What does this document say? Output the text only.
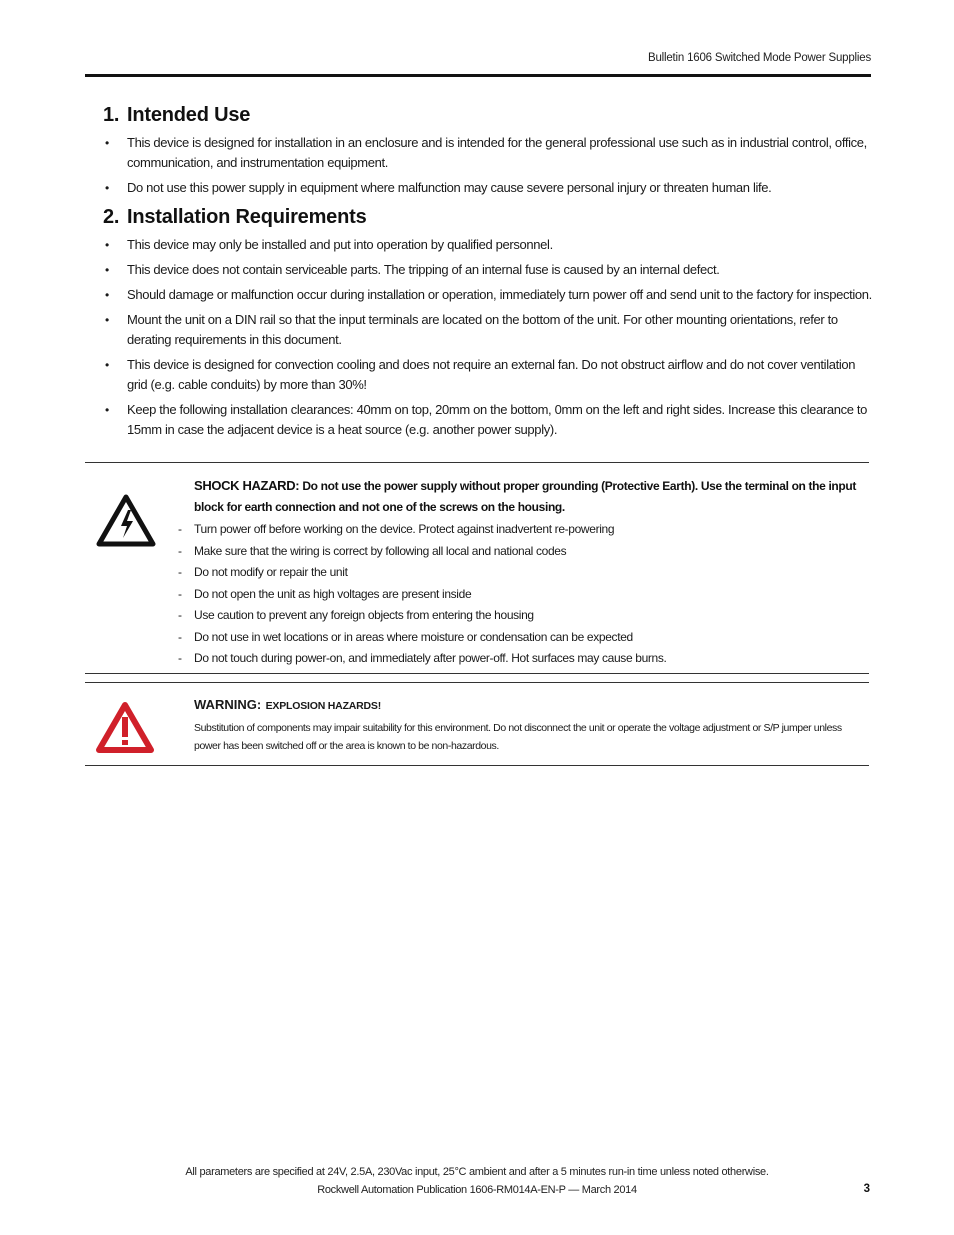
Bulletin 1606 Switched Mode Power Supplies
1. Intended Use
• This device is designed for installation in an enclosure and is intended for the general professional use such as in industrial control, office, communication, and instrumentation equipment.
• Do not use this power supply in equipment where malfunction may cause severe personal injury or threaten human life.
2. Installation Requirements
• This device may only be installed and put into operation by qualified personnel.
• This device does not contain serviceable parts. The tripping of an internal fuse is caused by an internal defect.
• Should damage or malfunction occur during installation or operation, immediately turn power off and send unit to the factory for inspection.
• Mount the unit on a DIN rail so that the input terminals are located on the bottom of the unit. For other mounting orientations, refer to derating requirements in this document.
• This device is designed for convection cooling and does not require an external fan. Do not obstruct airflow and do not cover ventilation grid (e.g. cable conduits) by more than 30%!
• Keep the following installation clearances: 40mm on top, 20mm on the bottom, 0mm on the left and right sides. Increase this clearance to 15mm in case the adjacent device is a heat source (e.g. another power supply).
SHOCK HAZARD: Do not use the power supply without proper grounding (Protective Earth). Use the terminal on the input block for earth connection and not one of the screws on the housing.
- Turn power off before working on the device. Protect against inadvertent re-powering
- Make sure that the wiring is correct by following all local and national codes
- Do not modify or repair the unit
- Do not open the unit as high voltages are present inside
- Use caution to prevent any foreign objects from entering the housing
- Do not use in wet locations or in areas where moisture or condensation can be expected
- Do not touch during power-on, and immediately after power-off. Hot surfaces may cause burns.
WARNING: EXPLOSION HAZARDS!
Substitution of components may impair suitability for this environment. Do not disconnect the unit or operate the voltage adjustment or S/P jumper unless power has been switched off or the area is known to be non-hazardous.
All parameters are specified at 24V, 2.5A, 230Vac input, 25°C ambient and after a 5 minutes run-in time unless noted otherwise.
Rockwell Automation Publication 1606-RM014A-EN-P — March 2014	3
